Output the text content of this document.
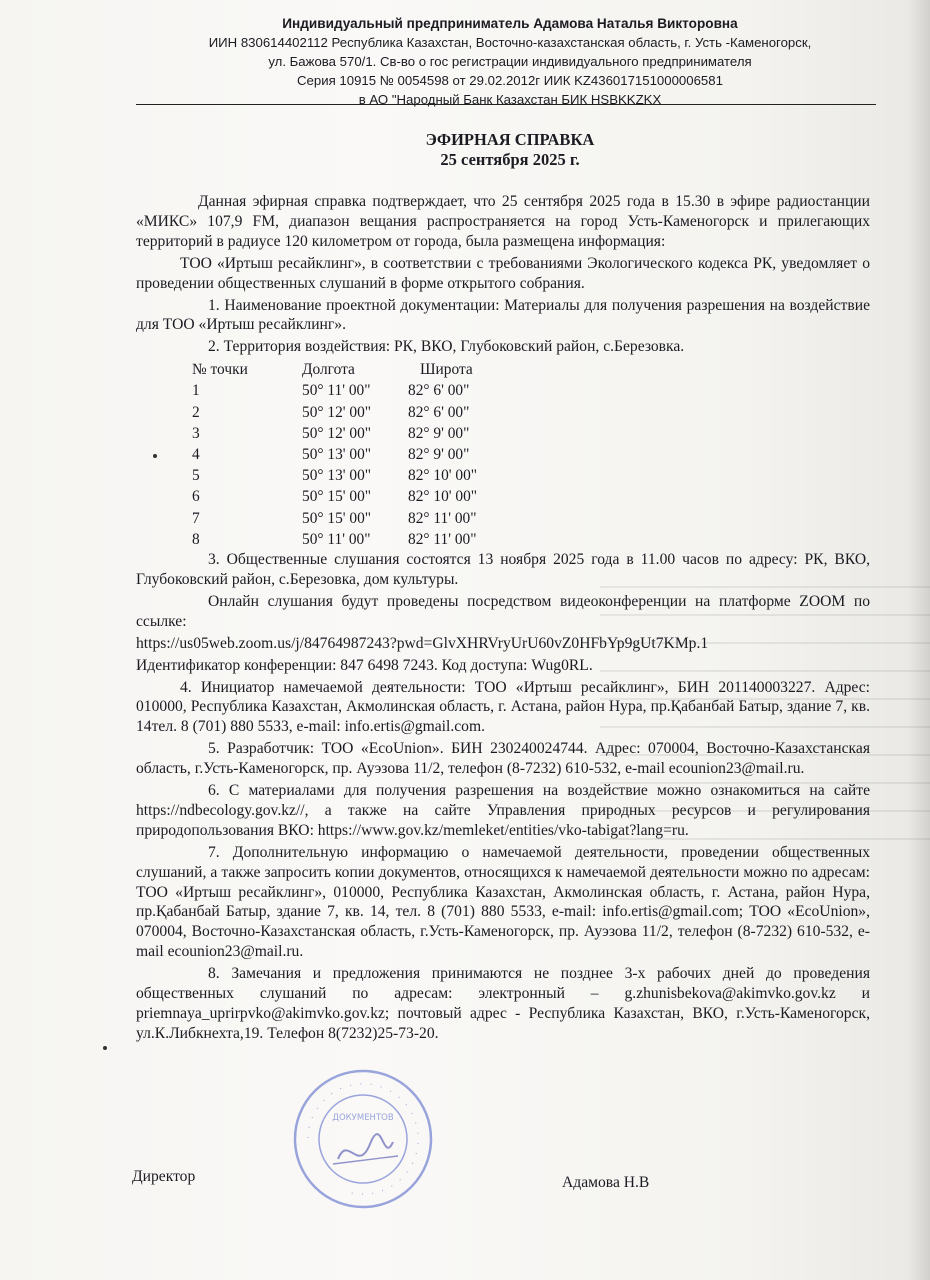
Индивидуальный предприниматель Адамова Наталья Викторовна
ИИН 830614402112 Республика Казахстан, Восточно-казахстанская область, г. Усть -Каменогорск,
ул. Бажова 570/1. Св-во о гос регистрации индивидуального предпринимателя
Серия 10915 № 0054598 от 29.02.2012г ИИК KZ436017151000006581
в АО "Народный Банк Казахстан БИК HSBKKZKX
ЭФИРНАЯ СПРАВКА
25 сентября 2025 г.

Данная эфирная справка подтверждает, что 25 сентября 2025 года в 15.30 в эфире радиостанции «МИКС» 107,9 FM, диапазон вещания распространяется на город Усть-Каменогорск и прилегающих территорий в радиусе 120 километром от города, была размещена информация:

ТОО «Иртыш ресайклинг», в соответствии с требованиями Экологического кодекса РК, уведомляет о проведении общественных слушаний в форме открытого собрания.

1. Наименование проектной документации: Материалы для получения разрешения на воздействие для ТОО «Иртыш ресайклинг».

2. Территория воздействия: РК, ВКО, Глубоковский район, с.Березовка.

№ точки	Долгота	Широта
1	50° 11' 00"	82° 6' 00"
2	50° 12' 00"	82° 6' 00"
3	50° 12' 00"	82° 9' 00"
4	50° 13' 00"	82° 9' 00"
5	50° 13' 00"	82° 10' 00"
6	50° 15' 00"	82° 10' 00"
7	50° 15' 00"	82° 11' 00"
8	50° 11' 00"	82° 11' 00"

3. Общественные слушания состоятся 13 ноября 2025 года в 11.00 часов по адресу: РК, ВКО, Глубоковский район, с.Березовка, дом культуры.

Онлайн слушания будут проведены посредством видеоконференции на платформе ZOOM по ссылке:

https://us05web.zoom.us/j/84764987243?pwd=GlvXHRVryUrU60vZ0HFbYp9gUt7KMp.1

Идентификатор конференции: 847 6498 7243. Код доступа: Wug0RL.

4. Инициатор намечаемой деятельности: ТОО «Иртыш ресайклинг», БИН 201140003227. Адрес: 010000, Республика Казахстан, Акмолинская область, г. Астана, район Нура, пр.Қабанбай Батыр, здание 7, кв. 14тел. 8 (701) 880 5533, e-mail: info.ertis@gmail.com.

5. Разработчик: ТОО «EcoUnion». БИН 230240024744. Адрес: 070004, Восточно-Казахстанская область, г.Усть-Каменогорск, пр. Ауэзова 11/2, телефон (8-7232) 610-532, e-mail ecounion23@mail.ru.

6. С материалами для получения разрешения на воздействие можно ознакомиться на сайте https://ndbecology.gov.kz//, а также на сайте Управления природных ресурсов и регулирования природопользования ВКО: https://www.gov.kz/memleket/entities/vko-tabigat?lang=ru.

7. Дополнительную информацию о намечаемой деятельности, проведении общественных слушаний, а также запросить копии документов, относящихся к намечаемой деятельности можно по адресам: ТОО «Иртыш ресайклинг», 010000, Республика Казахстан, Акмолинская область, г. Астана, район Нура, пр.Қабанбай Батыр, здание 7, кв. 14, тел. 8 (701) 880 5533, e-mail: info.ertis@gmail.com; ТОО «EcoUnion», 070004, Восточно-Казахстанская область, г.Усть-Каменогорск, пр. Ауэзова 11/2, телефон (8-7232) 610-532, e-mail ecounion23@mail.ru.

8. Замечания и предложения принимаются не позднее 3-х рабочих дней до проведения общественных слушаний по адресам: электронный – g.zhunisbekova@akimvko.gov.kz и priemnaya_uprirpvko@akimvko.gov.kz; почтовый адрес - Республика Казахстан, ВКО, г.Усть-Каменогорск, ул.К.Либкнехта,19. Телефон 8(7232)25-73-20.

· · · · · · · · · · · · · · · · · · · · · · · · · · ·
ДОКУМЕНТОВ
Директор	Адамова Н.В
